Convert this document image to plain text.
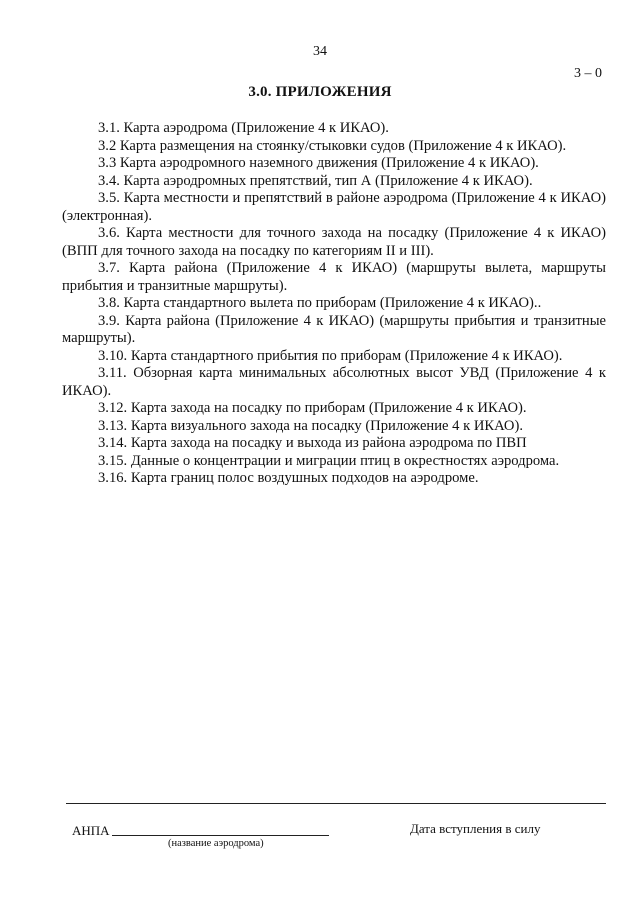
34
3 – 0
3.0. ПРИЛОЖЕНИЯ

3.1. Карта аэродрома (Приложение 4 к ИКАО).

3.2 Карта размещения на стоянку/стыковки судов (Приложение 4 к ИКАО).

3.3 Карта аэродромного наземного движения (Приложение 4 к ИКАО).

3.4. Карта аэродромных препятствий, тип А (Приложение 4 к ИКАО).

3.5. Карта местности и препятствий в районе аэродрома (Приложение 4 к ИКАО) (электронная).

3.6. Карта местности для точного захода на посадку (Приложение 4 к ИКАО) (ВПП для точного захода на посадку по категориям II и III).

3.7. Карта района (Приложение 4 к ИКАО) (маршруты вылета, маршруты прибытия и транзитные маршруты).

3.8. Карта стандартного вылета по приборам (Приложение 4 к ИКАО)..

3.9. Карта района (Приложение 4 к ИКАО) (маршруты прибытия и транзитные маршруты).

3.10. Карта стандартного прибытия по приборам (Приложение 4 к ИКАО).

3.11. Обзорная карта минимальных абсолютных высот УВД (Приложение 4 к ИКАО).

3.12. Карта захода на посадку по приборам (Приложение 4 к ИКАО).

3.13. Карта визуального захода на посадку (Приложение 4 к ИКАО).

3.14. Карта захода на посадку и выхода из района аэродрома по ПВП

3.15. Данные о концентрации и миграции птиц в окрестностях аэродрома.

3.16. Карта границ полос воздушных подходов на аэродроме.

АНПА
(название аэродрома)
Дата вступления в силу
